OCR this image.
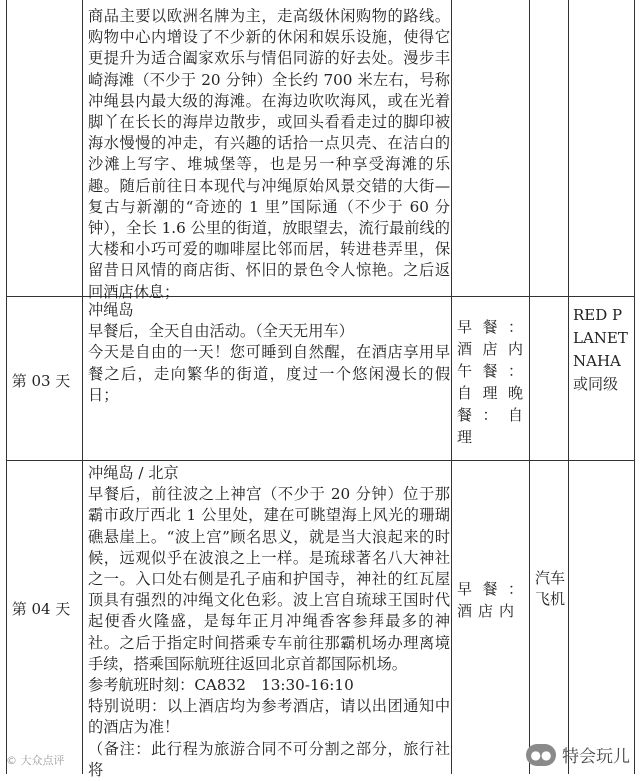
商品主要以欧洲名牌为主，走高级休闲购物的路线。购物中心内增设了不少新的休闲和娱乐设施，使得它更提升为适合阖家欢乐与情侣同游的好去处。漫步丰崎海滩（不少于 20 分钟）全长约 700 米左右，号称冲绳县内最大级的海滩。在海边吹吹海风，或在光着脚丫在长长的海岸边散步，或回头看看走过的脚印被海水慢慢的冲走，有兴趣的话拾一点贝壳、在洁白的沙滩上写字、堆城堡等，也是另一种享受海滩的乐趣。随后前往日本现代与冲绳原始风景交错的大街—复古与新潮的“奇迹的 1 里”国际通（不少于 60 分钟），全长 1.6 公里的街道，放眼望去，流行最前线的大楼和小巧可爱的咖啡屋比邻而居，转进巷弄里，保留昔日风情的商店街、怀旧的景色令人惊艳。之后返回酒店休息；

第 03 天

冲绳岛

早餐后，全天自由活动。（全天无用车）

今天是自由的一天！您可睡到自然醒，在酒店享用早餐之后，走向繁华的街道，度过一个悠闲漫长的假日；

早餐：酒店内午餐：自理晚餐：自理
RED PLANET NAHA 或同级
第 04 天

冲绳岛 / 北京

早餐后，前往波之上神宫（不少于 20 分钟）位于那霸市政厅西北 1 公里处，建在可眺望海上风光的珊瑚礁悬崖上。“波上宫”顾名思义，就是当大浪起来的时候，远观似乎在波浪之上一样。是琉球著名八大神社之一。入口处右侧是孔子庙和护国寺，神社的红瓦屋顶具有强烈的冲绳文化色彩。波上宫自琉球王国时代起便香火隆盛，是每年正月冲绳香客参拜最多的神社。之后于指定时间搭乘专车前往那霸机场办理离境手续，搭乘国际航班往返回北京首都国际机场。

参考航班时刻：CA832　13:30-16:10

特别说明：以上酒店均为参考酒店，请以出团通知中的酒店为准！

（备注：此行程为旅游合同不可分割之部分，旅行社将

早餐：酒店内
汽车飞机
© 大众点评	●● 特会玩儿
